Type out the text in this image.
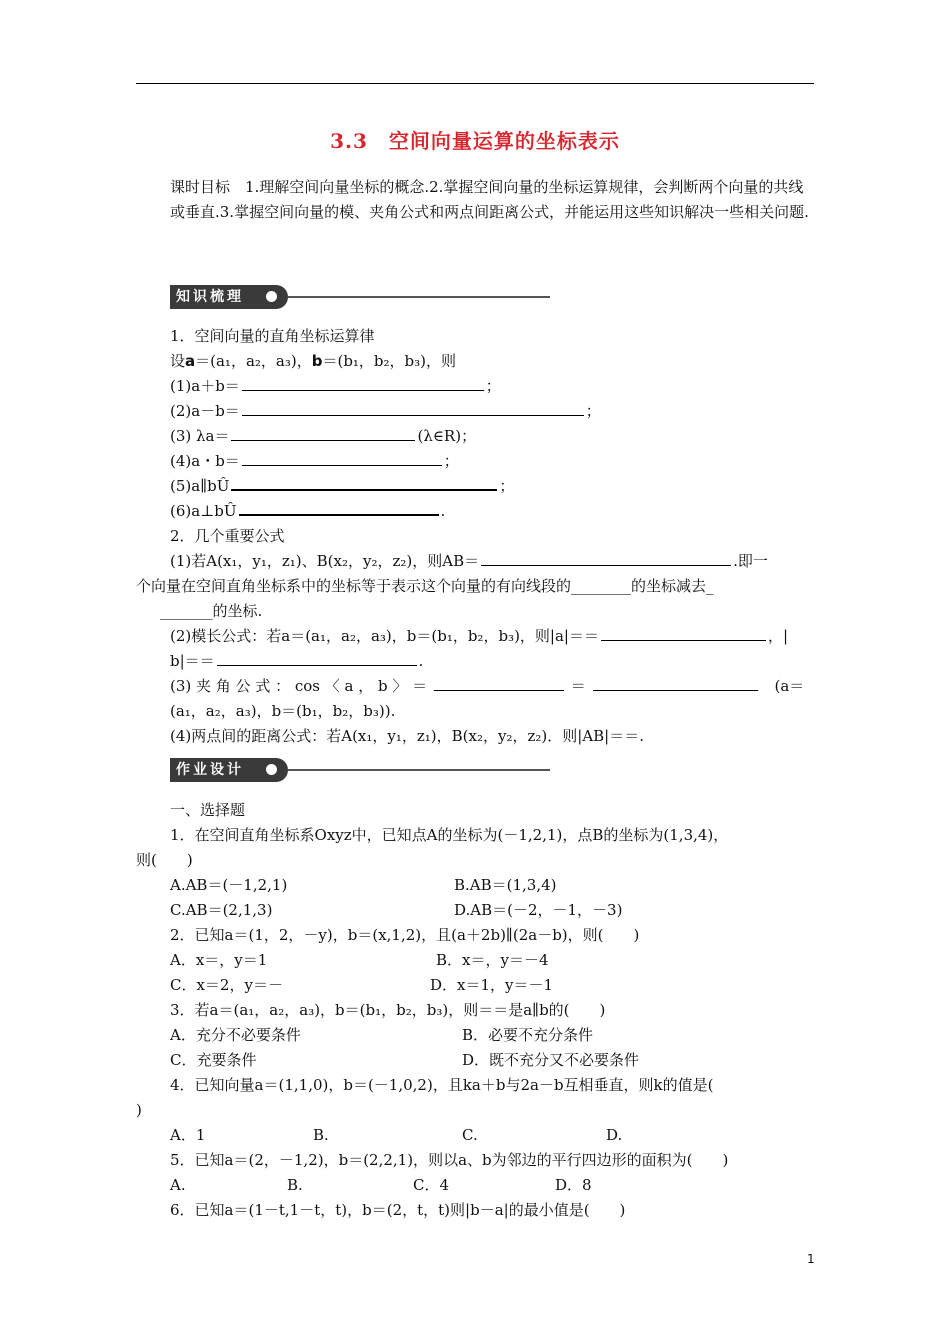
3.3　空间向量运算的坐标表示
课时目标　1.理解空间向量坐标的概念.2.掌握空间向量的坐标运算规律，会判断两个向量的共线或垂直.3.掌握空间向量的模、夹角公式和两点间距离公式，并能运用这些知识解决一些相关问题.
知识梳理
1．空间向量的直角坐标运算律
设a＝(a₁，a₂，a₃)，b＝(b₁，b₂，b₃)，则
(1)a＋b＝	；
(2)a－b＝	；
(3) λa＝	(λ∈R)；
(4)a・b＝	；
(5)a∥bÛ	；
(6)a⊥bÛ	.
2．几个重要公式
(1)若A(x₁，y₁，z₁)、B(x₂，y₂，z₂)，则AB＝	.即一
个向量在空间直角坐标系中的坐标等于表示这个向量的有向线段的________的坐标减去_
_______的坐标.
(2)模长公式：若a＝(a₁，a₂，a₃)，b＝(b₁，b₂，b₃)，则|a|＝＝	，|
b|＝＝	.
(3) 夹 角 公 式 ： cos 〈 a ， b 〉 ＝	＝ 　	(a＝
(a₁，a₂，a₃)，b＝(b₁，b₂，b₃)).
(4)两点间的距离公式：若A(x₁，y₁，z₁)，B(x₂，y₂，z₂)．则|AB|＝＝.
作业设计
一、选择题
1．在空间直角坐标系Oxyz中，已知点A的坐标为(－1,2,1)，点B的坐标为(1,3,4)，
则(　　)
A.AB＝(－1,2,1)	B.AB＝(1,3,4)
C.AB＝(2,1,3)	D.AB＝(－2，－1，－3)
2．已知a＝(1，2，－y)，b＝(x,1,2)，且(a＋2b)∥(2a－b)，则(　　)
A．x＝，y＝1	B．x＝，y＝－4
C．x＝2，y＝－	D．x＝1，y＝－1
3．若a＝(a₁，a₂，a₃)，b＝(b₁，b₂，b₃)，则＝＝是a∥b的(　　)
A．充分不必要条件	B．必要不充分条件
C．充要条件	D．既不充分又不必要条件
4．已知向量a＝(1,1,0)，b＝(－1,0,2)，且ka＋b与2a－b互相垂直，则k的值是(
)
A．1	B.	C.	D.
5．已知a＝(2，－1,2)，b＝(2,2,1)，则以a、b为邻边的平行四边形的面积为(　　)
A.	B.	C．4	D．8
6．已知a＝(1－t,1－t，t)，b＝(2，t，t)则|b－a|的最小值是(　　)
1
